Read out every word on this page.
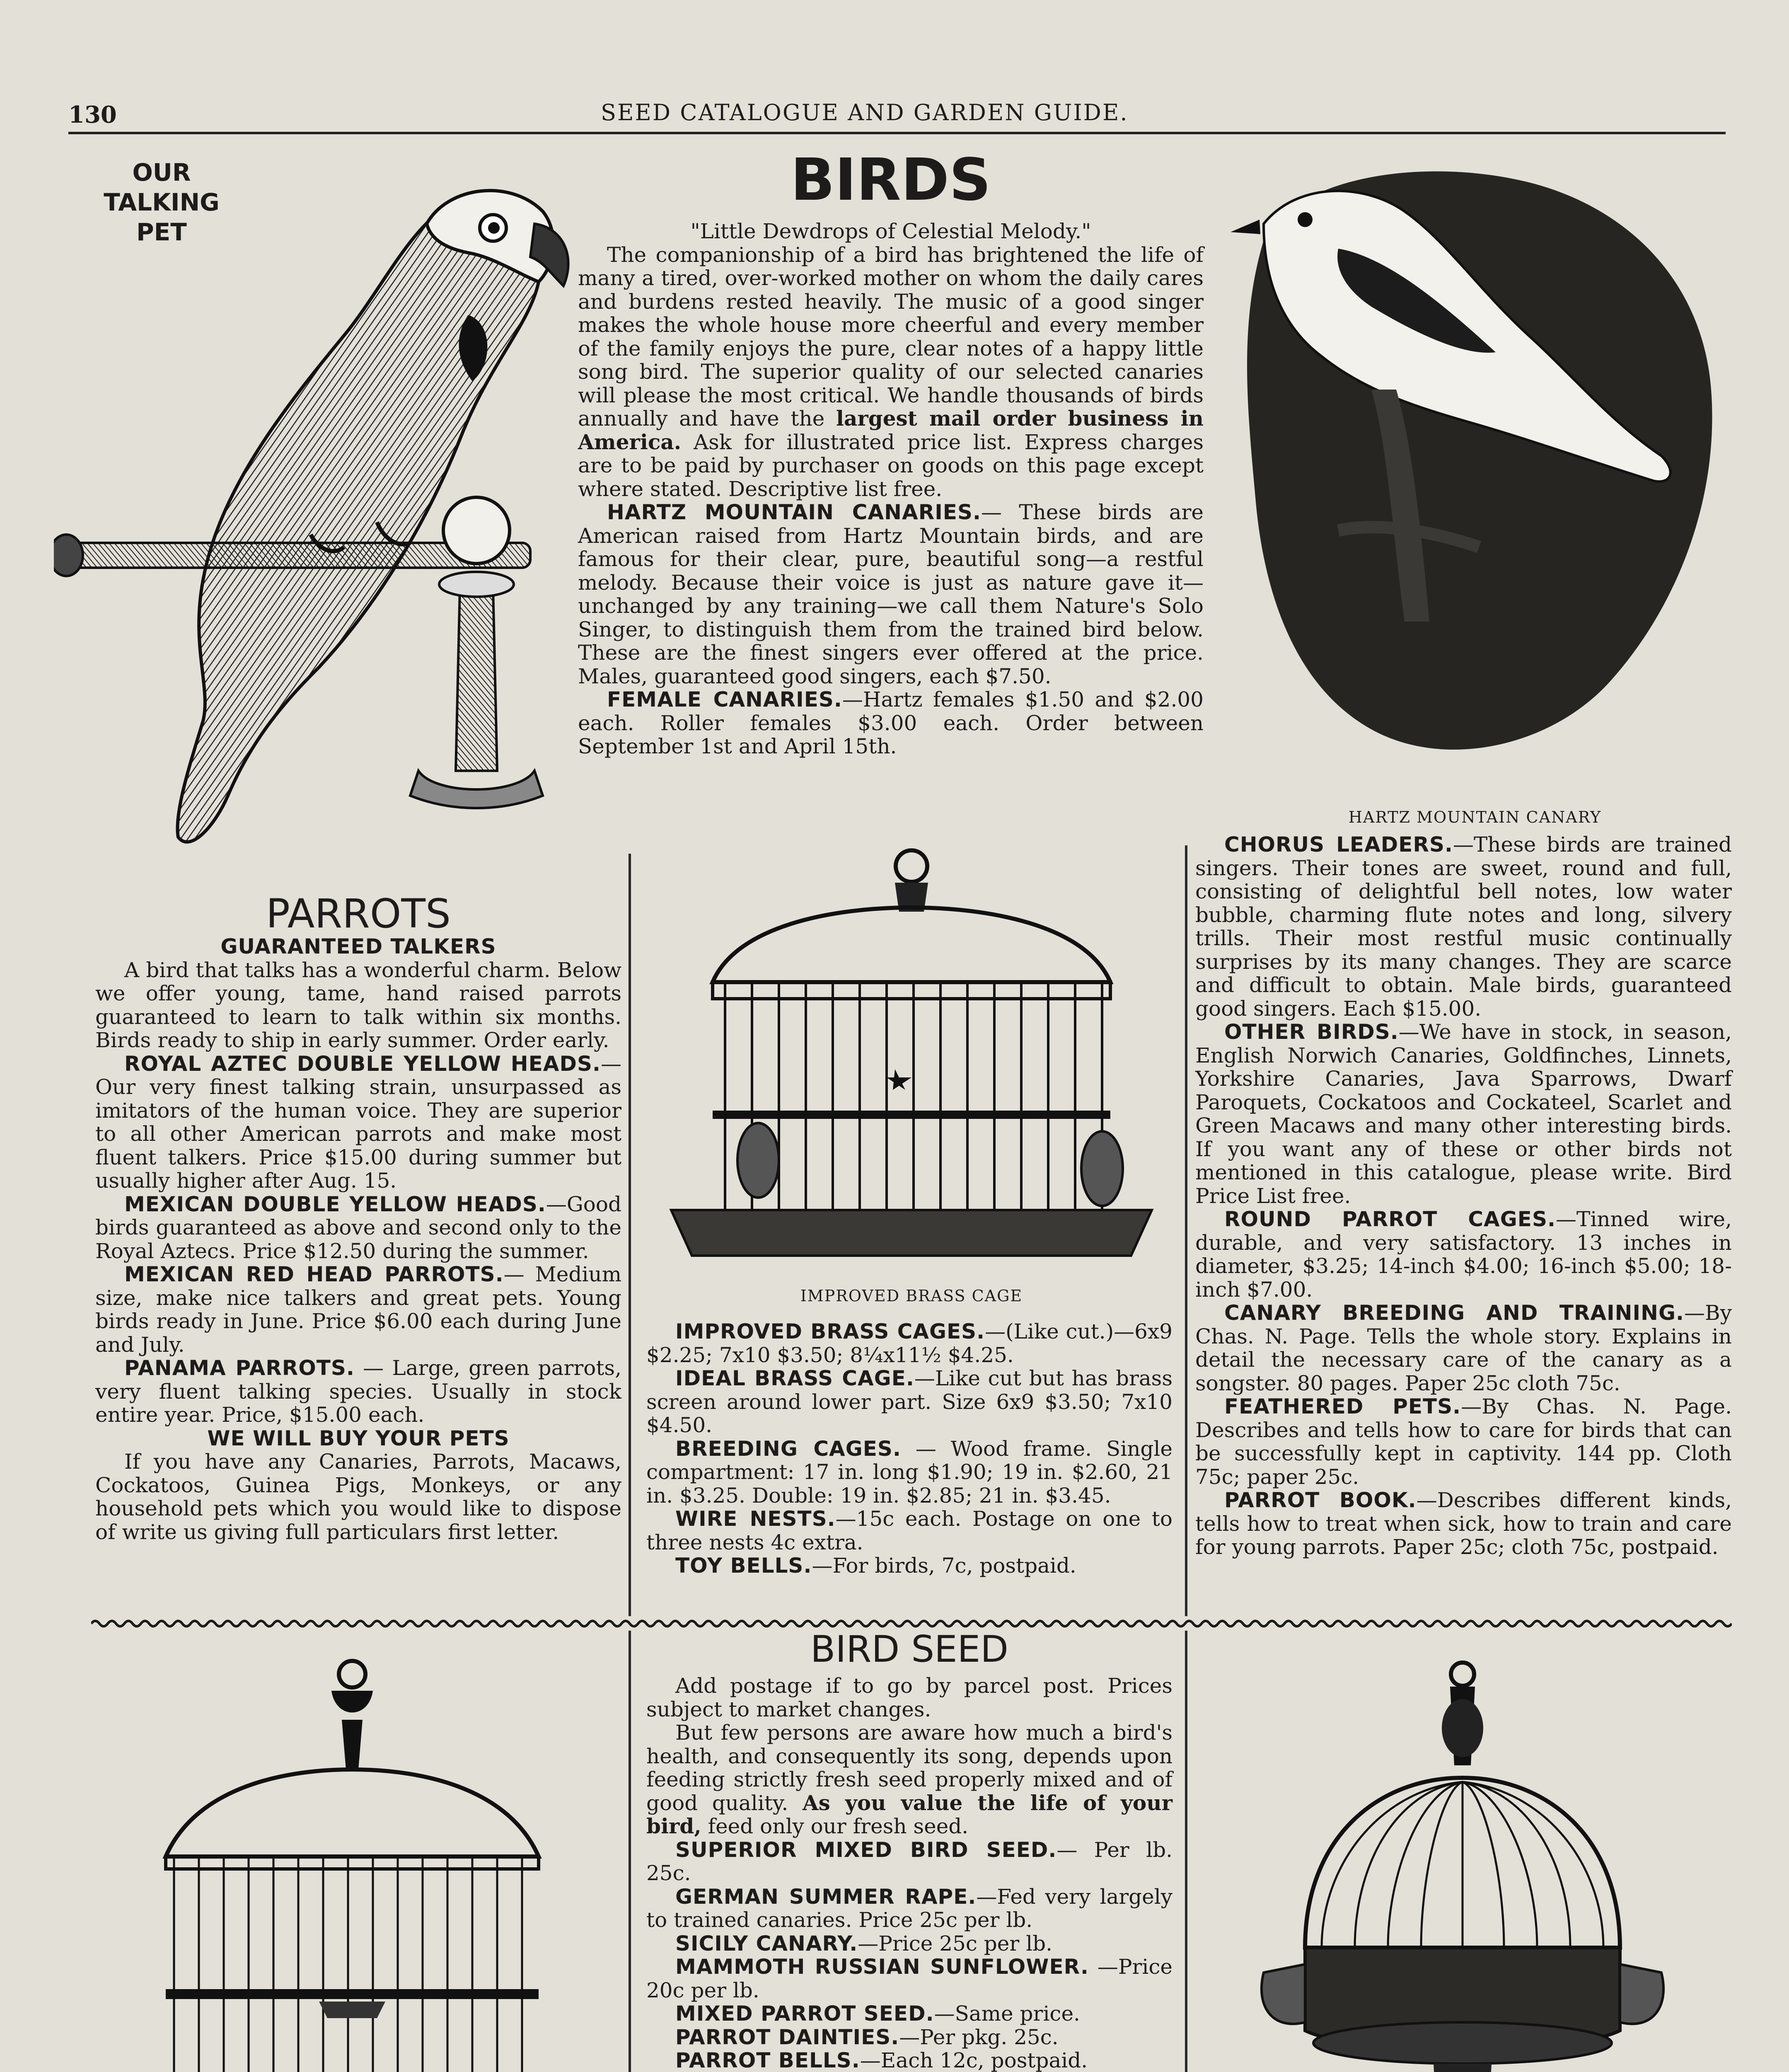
130	SEED CATALOGUE AND GARDEN GUIDE.
OUR TALKING
PET
BIRDS

"Little Dewdrops of Celestial Melody."

The companionship of a bird has brightened the life of many a tired, over-worked mother on whom the daily cares and burdens rested heavily. The music of a good singer makes the whole house more cheerful and every member of the family enjoys the pure, clear notes of a happy little song bird. The superior quality of our selected canaries will please the most critical. We handle thousands of birds annually and have the largest mail order business in America. Ask for illustrated price list. Express charges are to be paid by purchaser on goods on this page except where stated. Descriptive list free.

HARTZ MOUNTAIN CANARIES.— These birds are American raised from Hartz Mountain birds, and are famous for their clear, pure, beautiful song—a restful melody. Because their voice is just as nature gave it—unchanged by any training—we call them Nature's Solo Singer, to distinguish them from the trained bird below. These are the finest singers ever offered at the price. Males, guaranteed good singers, each $7.50.

FEMALE CANARIES.—Hartz females $1.50 and $2.00 each. Roller females $3.00 each. Order between September 1st and April 15th.

HARTZ MOUNTAIN CANARY
PARROTS

GUARANTEED TALKERS

A bird that talks has a wonderful charm. Below we offer young, tame, hand raised parrots guaranteed to learn to talk within six months. Birds ready to ship in early summer. Order early.

ROYAL AZTEC DOUBLE YELLOW HEADS.—Our very finest talking strain, unsurpassed as imitators of the human voice. They are superior to all other American parrots and make most fluent talkers. Price $15.00 during summer but usually higher after Aug. 15.

MEXICAN DOUBLE YELLOW HEADS.—Good birds guaranteed as above and second only to the Royal Aztecs. Price $12.50 during the summer.

MEXICAN RED HEAD PARROTS.— Medium size, make nice talkers and great pets. Young birds ready in June. Price $6.00 each during June and July.

PANAMA PARROTS. — Large, green parrots, very fluent talking species. Usually in stock entire year. Price, $15.00 each.

WE WILL BUY YOUR PETS

If you have any Canaries, Parrots, Macaws, Cockatoos, Guinea Pigs, Monkeys, or any household pets which you would like to dispose of write us giving full particulars first letter.

IMPROVED BRASS CAGE

IMPROVED BRASS CAGES.—(Like cut.)—6x9 $2.25; 7x10 $3.50; 8¼x11½ $4.25.

IDEAL BRASS CAGE.—Like cut but has brass screen around lower part. Size 6x9 $3.50; 7x10 $4.50.

BREEDING CAGES. — Wood frame. Single compartment: 17 in. long $1.90; 19 in. $2.60, 21 in. $3.25. Double: 19 in. $2.85; 21 in. $3.45.

WIRE NESTS.—15c each. Postage on one to three nests 4c extra.

TOY BELLS.—For birds, 7c, postpaid.

CHORUS LEADERS.—These birds are trained singers. Their tones are sweet, round and full, consisting of delightful bell notes, low water bubble, charming flute notes and long, silvery trills. Their most restful music continually surprises by its many changes. They are scarce and difficult to obtain. Male birds, guaranteed good singers. Each $15.00.

OTHER BIRDS.—We have in stock, in season, English Norwich Canaries, Goldfinches, Linnets, Yorkshire Canaries, Java Sparrows, Dwarf Paroquets, Cockatoos and Cockateel, Scarlet and Green Macaws and many other interesting birds. If you want any of these or other birds not mentioned in this catalogue, please write. Bird Price List free.

ROUND PARROT CAGES.—Tinned wire, durable, and very satisfactory. 13 inches in diameter, $3.25; 14-inch $4.00; 16-inch $5.00; 18-inch $7.00.

CANARY BREEDING AND TRAINING.—By Chas. N. Page. Tells the whole story. Explains in detail the necessary care of the canary as a songster. 80 pages. Paper 25c cloth 75c.

FEATHERED PETS.—By Chas. N. Page. Describes and tells how to care for birds that can be successfully kept in captivity. 144 pp. Cloth 75c; paper 25c.

PARROT BOOK.—Describes different kinds, tells how to treat when sick, how to train and care for young parrots. Paper 25c; cloth 75c, postpaid.

BIRD SEED

Add postage if to go by parcel post. Prices subject to market changes.

But few persons are aware how much a bird's health, and consequently its song, depends upon feeding strictly fresh seed properly mixed and of good quality. As you value the life of your bird, feed only our fresh seed.

SUPERIOR MIXED BIRD SEED.— Per lb. 25c.

GERMAN SUMMER RAPE.—Fed very largely to trained canaries. Price 25c per lb.

SICILY CANARY.—Price 25c per lb.

MAMMOTH RUSSIAN SUNFLOWER. —Price 20c per lb.

MIXED PARROT SEED.—Same price.

PARROT DAINTIES.—Per pkg. 25c.

PARROT BELLS.—Each 12c, postpaid.
